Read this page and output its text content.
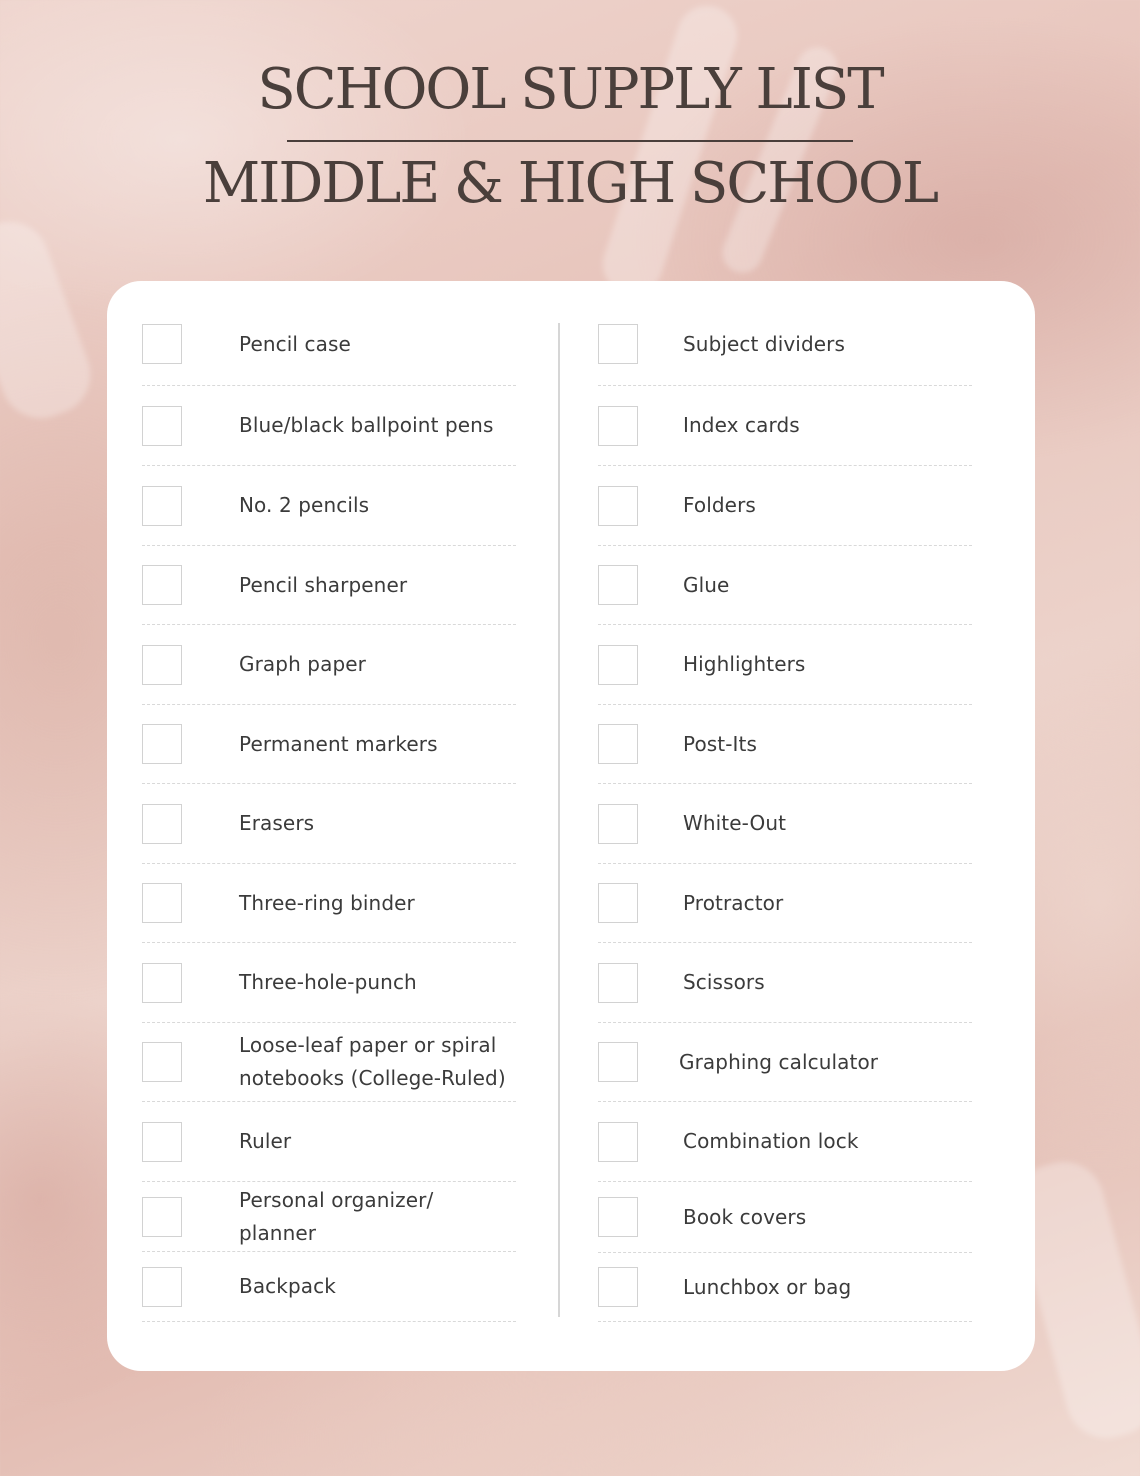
SCHOOL SUPPLY LIST
MIDDLE & HIGH SCHOOL
Pencil case
Blue/black ballpoint pens
No. 2 pencils
Pencil sharpener
Graph paper
Permanent markers
Erasers
Three-ring binder
Three-hole-punch
Loose-leaf paper or spiral
notebooks (College-Ruled)
Ruler
Personal organizer/ planner
Backpack
Subject dividers
Index cards
Folders
Glue
Highlighters
Post-Its
White-Out
Protractor
Scissors
Graphing calculator
Combination lock
Book covers
Lunchbox or bag
